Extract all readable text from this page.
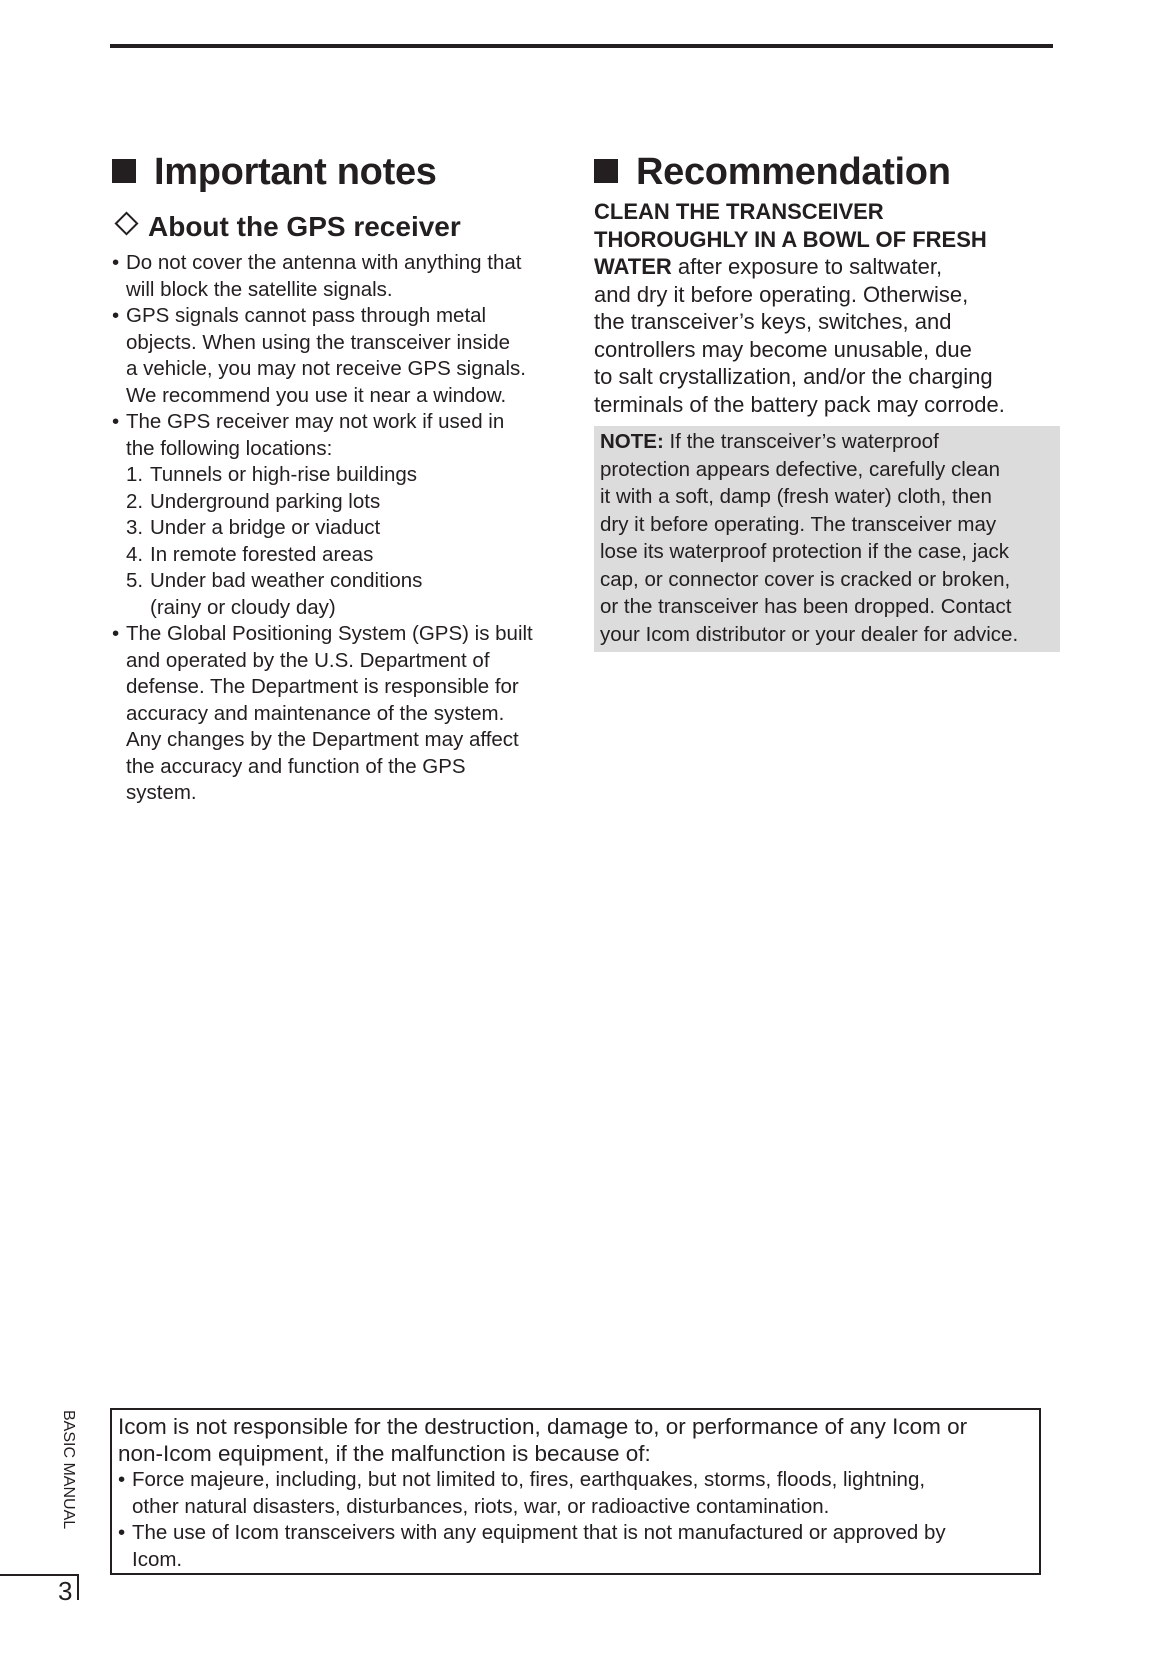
Important notes
About the GPS receiver
• Do not cover the antenna with anything that
will block the satellite signals.
• GPS signals cannot pass through metal
objects. When using the transceiver inside
a vehicle, you may not receive GPS signals.
We recommend you use it near a window.
• The GPS receiver may not work if used in
the following locations:
1. Tunnels or high-rise buildings
2. Underground parking lots
3. Under a bridge or viaduct
4. In remote forested areas
5. Under bad weather conditions
(rainy or cloudy day)
• The Global Positioning System (GPS) is built
and operated by the U.S. Department of
defense. The Department is responsible for
accuracy and maintenance of the system.
Any changes by the Department may affect
the accuracy and function of the GPS
system.
Recommendation
CLEAN THE TRANSCEIVER
THOROUGHLY IN A BOWL OF FRESH
WATER after exposure to saltwater,
and dry it before operating. Otherwise,
the transceiver’s keys, switches, and
controllers may become unusable, due
to salt crystallization, and/or the charging
terminals of the battery pack may corrode.
NOTE: If the transceiver’s waterproof
protection appears defective, carefully clean
it with a soft, damp (fresh water) cloth, then
dry it before operating. The transceiver may
lose its waterproof protection if the case, jack
cap, or connector cover is cracked or broken,
or the transceiver has been dropped. Contact
your Icom distributor or your dealer for advice.
BASIC MANUAL
3
Icom is not responsible for the destruction, damage to, or performance of any Icom or
non-Icom equipment, if the malfunction is because of:
• Force majeure, including, but not limited to, fires, earthquakes, storms, floods, lightning,
other natural disasters, disturbances, riots, war, or radioactive contamination.
• The use of Icom transceivers with any equipment that is not manufactured or approved by
Icom.
